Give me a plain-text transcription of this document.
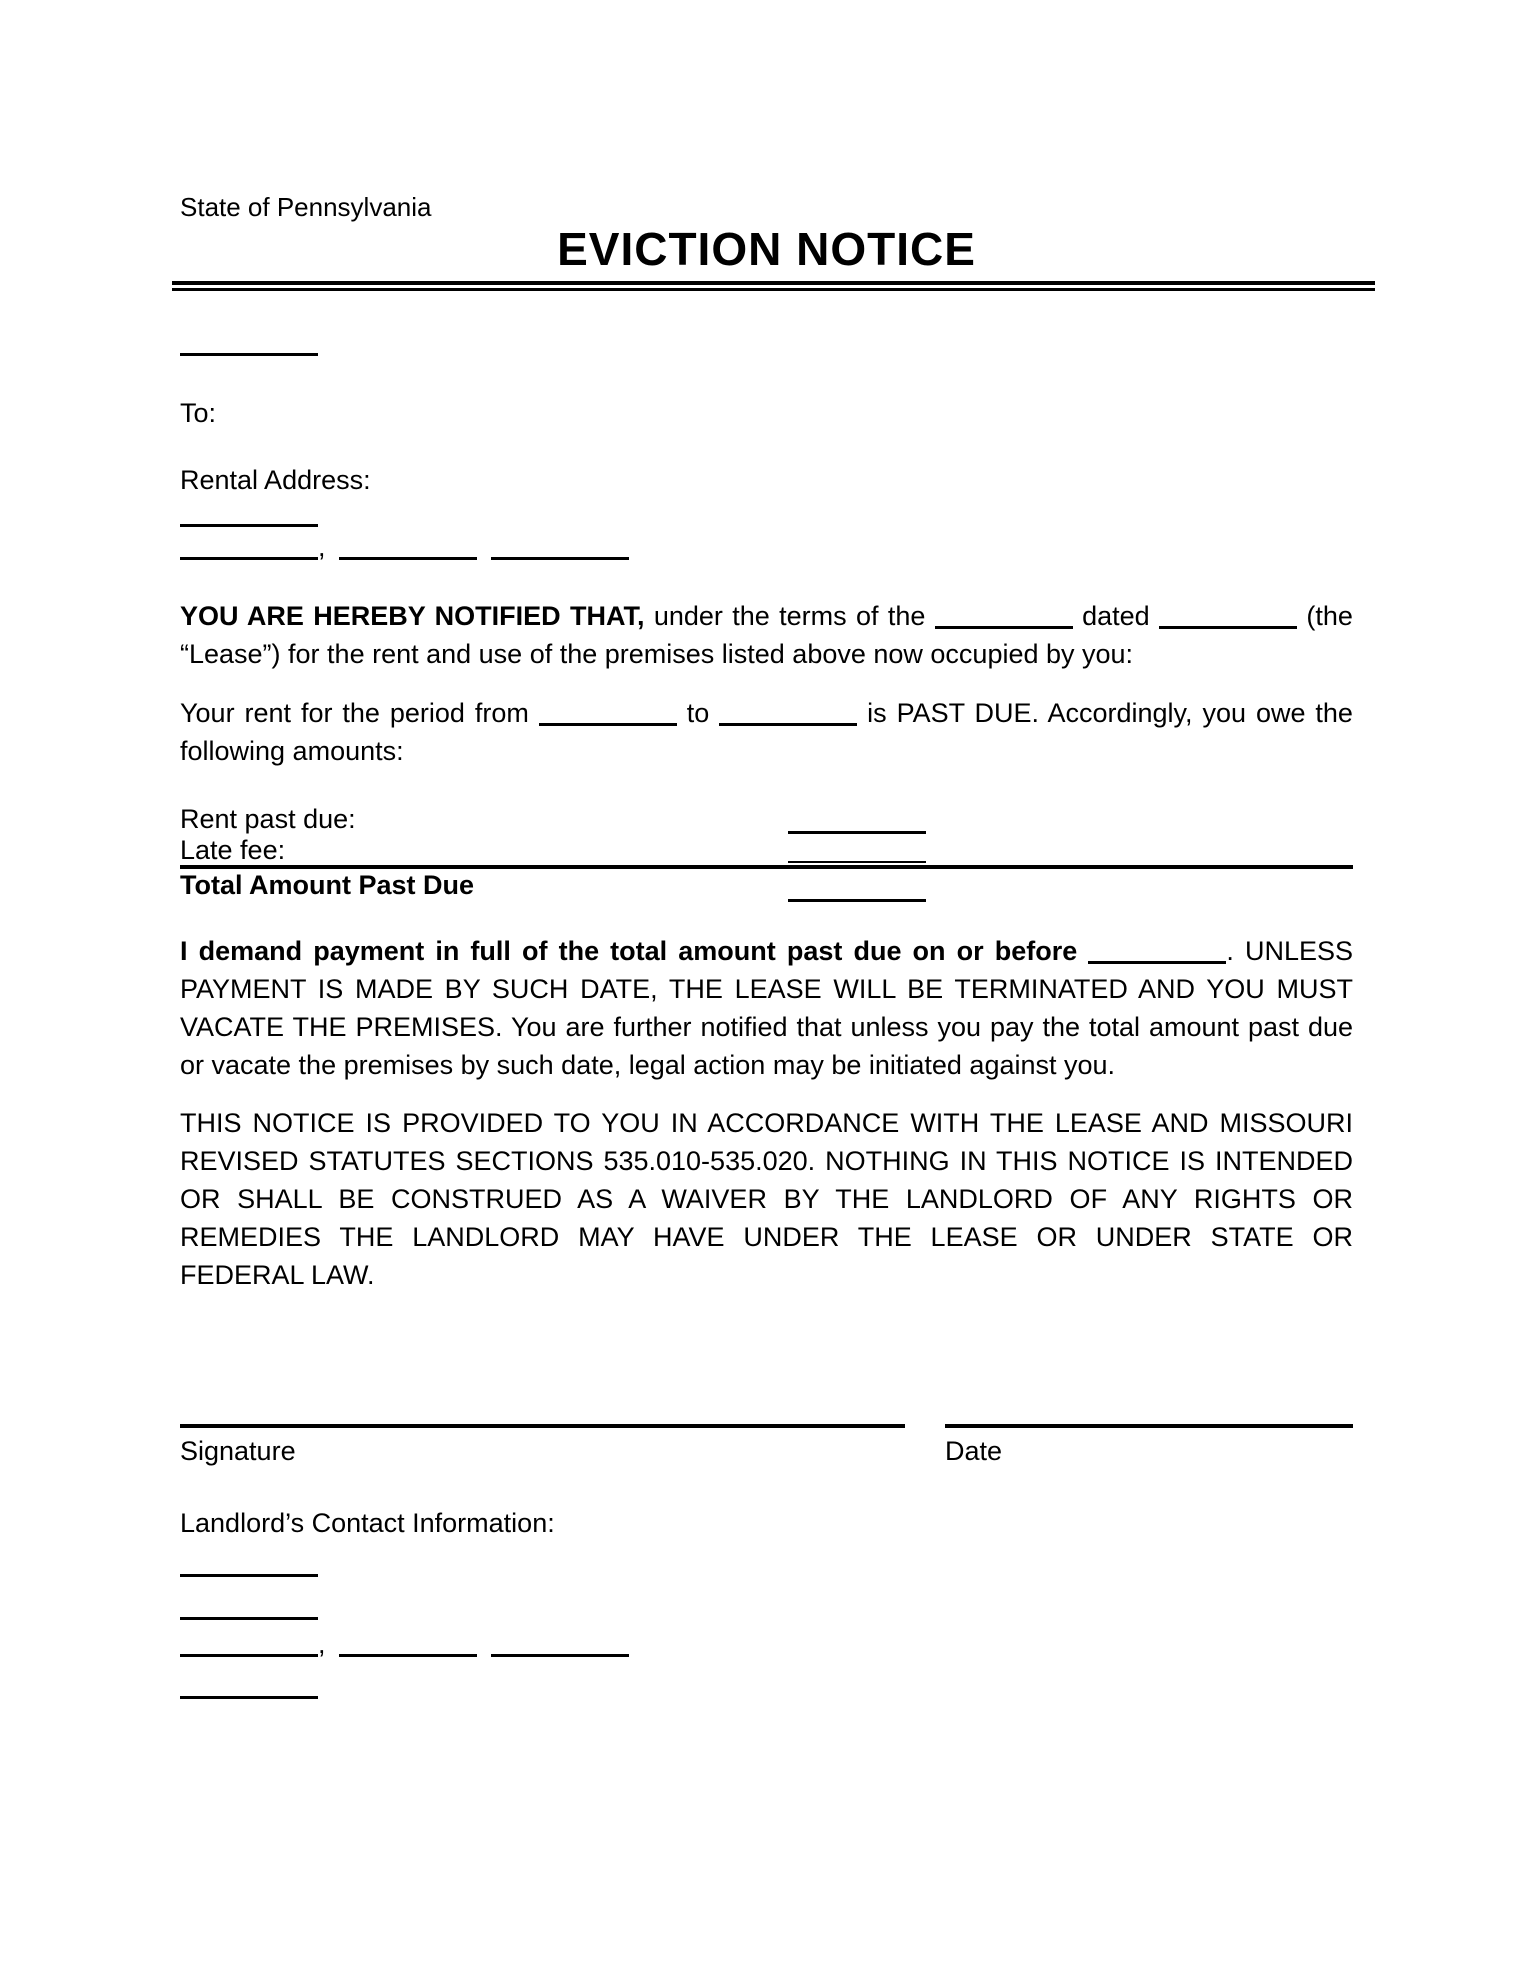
State of Pennsylvania
EVICTION NOTICE
To:
Rental Address:
,

YOU ARE HEREBY NOTIFIED THAT, under the terms of the	dated	(the “Lease”) for the rent and use of the premises listed above now occupied by you:

Your rent for the period from	to	is PAST DUE. Accordingly, you owe the following amounts:

Rent past due:
Late fee:
Total Amount Past Due

I demand payment in full of the total amount past due on or before	. UNLESS PAYMENT IS MADE BY SUCH DATE, THE LEASE WILL BE TERMINATED AND YOU MUST VACATE THE PREMISES. You are further notified that unless you pay the total amount past due or vacate the premises by such date, legal action may be initiated against you.

THIS NOTICE IS PROVIDED TO YOU IN ACCORDANCE WITH THE LEASE AND MISSOURI REVISED STATUTES SECTIONS 535.010-535.020. NOTHING IN THIS NOTICE IS INTENDED OR SHALL BE CONSTRUED AS A WAIVER BY THE LANDLORD OF ANY RIGHTS OR REMEDIES THE LANDLORD MAY HAVE UNDER THE LEASE OR UNDER STATE OR FEDERAL LAW.

Signature	Date
Landlord’s Contact Information:
,
